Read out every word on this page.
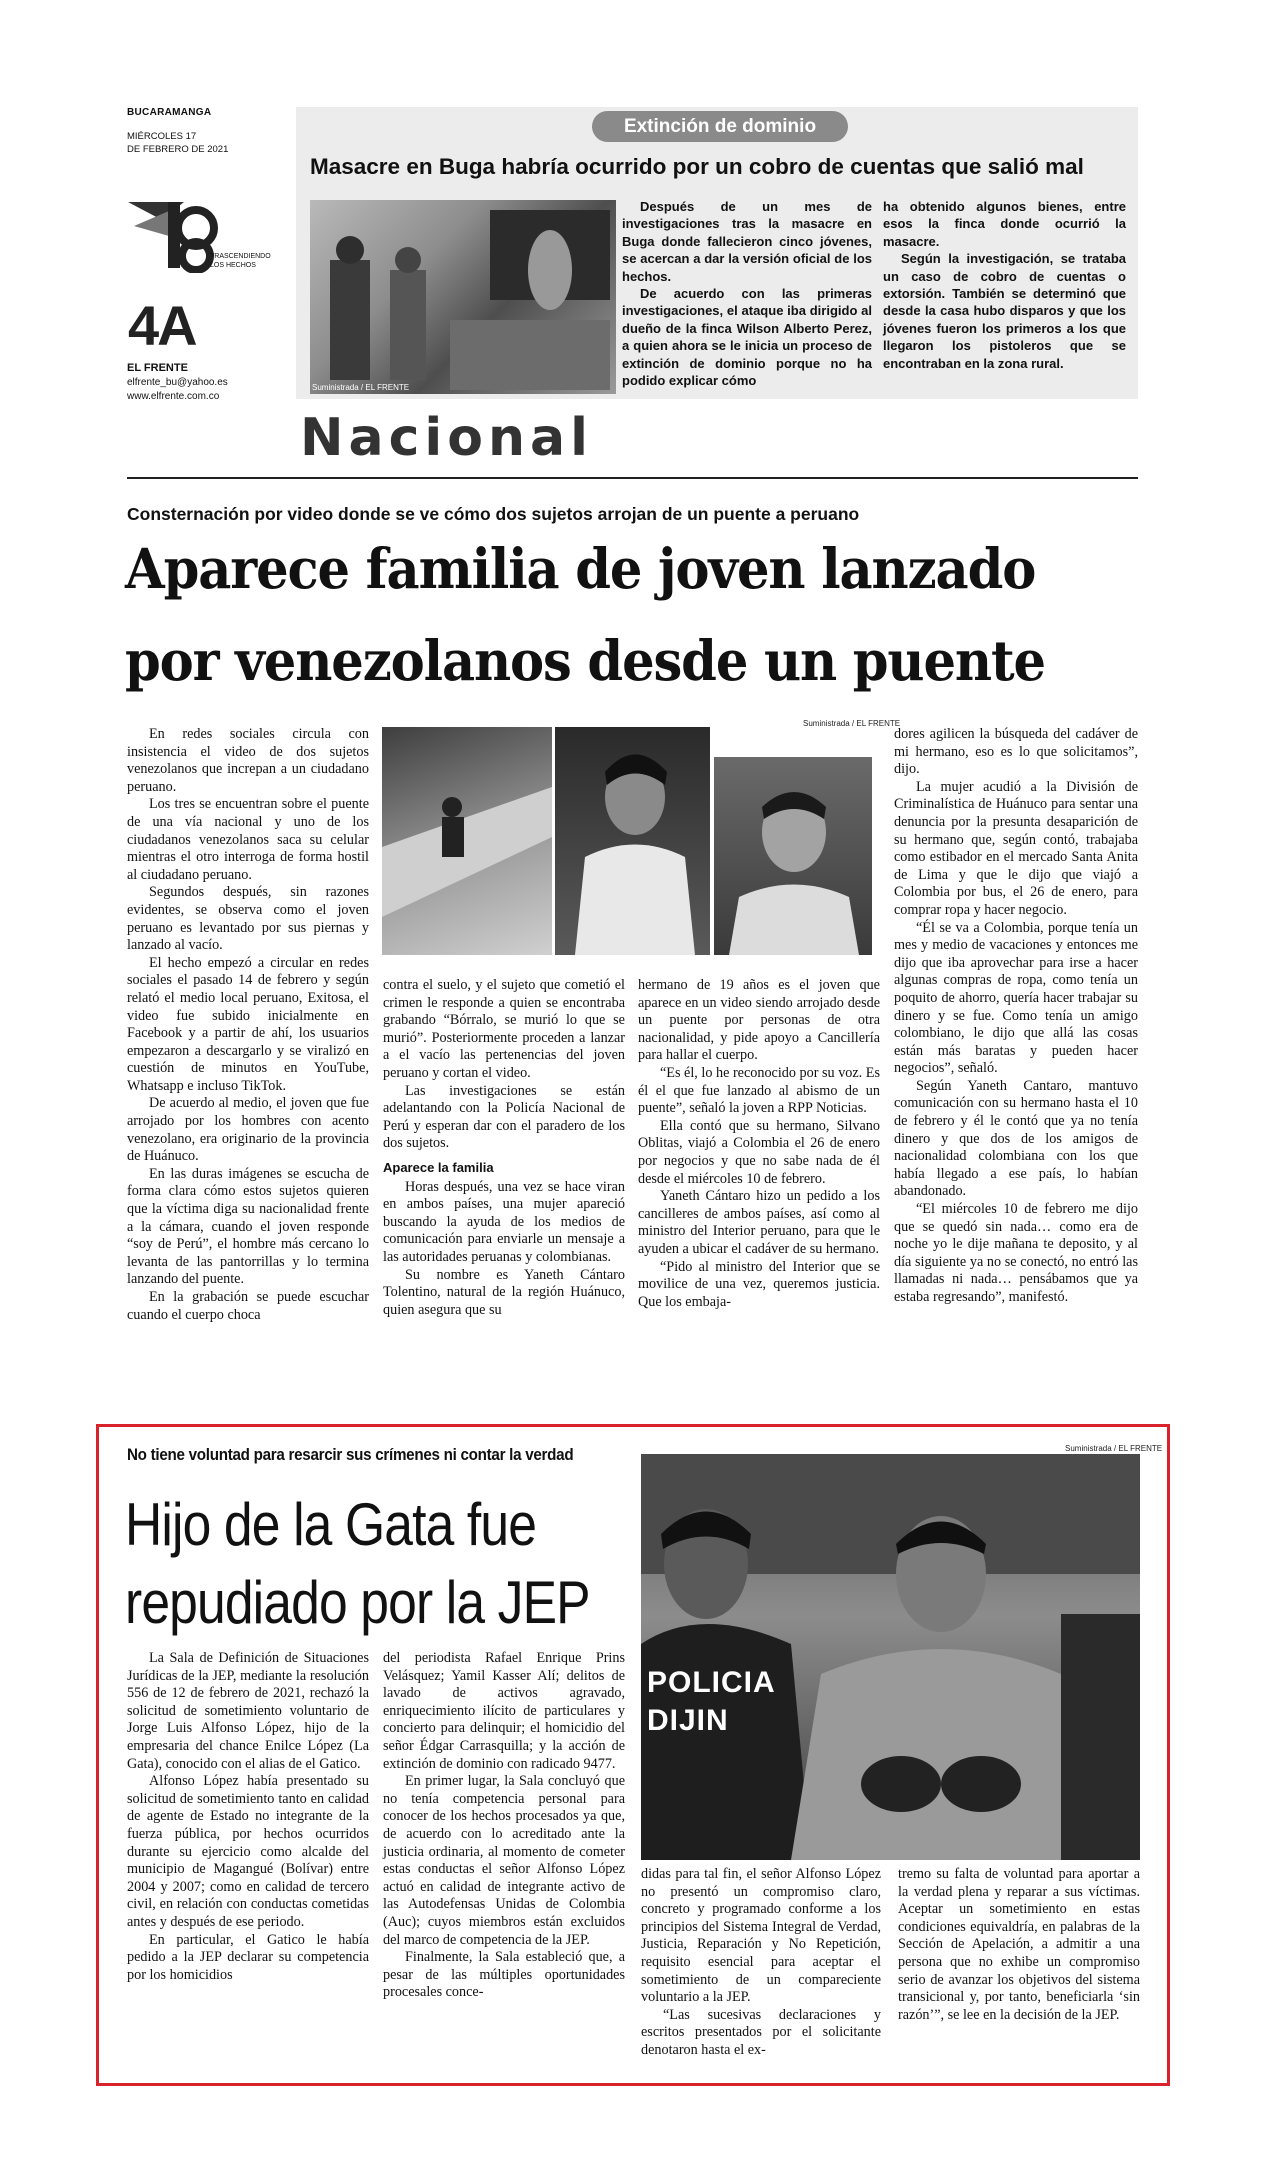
BUCARAMANGA
MIÉRCOLES 17
DE FEBRERO DE 2021
TRASCENDIENDO
LOS HECHOS
4A
EL FRENTE
elfrente_bu@yahoo.es
www.elfrente.com.co
Extinción de dominio
Masacre en Buga habría ocurrido por un cobro de cuentas que salió mal
Suministrada / EL FRENTE

Después de un mes de investigaciones tras la masacre en Buga donde fallecieron cinco jóvenes, se acercan a dar la versión oficial de los hechos.

De acuerdo con las primeras investigaciones, el ataque iba dirigido al dueño de la finca Wilson Alberto Perez, a quien ahora se le inicia un proceso de extinción de dominio porque no ha podido explicar cómo

ha obtenido algunos bienes, entre esos la finca donde ocurrió la masacre.

Según la investigación, se trataba un caso de cobro de cuentas o extorsión. También se determinó que desde la casa hubo disparos y que los jóvenes fueron los primeros a los que llegaron los pistoleros que se encontraban en la zona rural.

Nacional
Consternación por video donde se ve cómo dos sujetos arrojan de un puente a peruano
Aparece familia de joven lanzado
por venezolanos desde un puente
Suministrada / EL FRENTE

En redes sociales circula con insistencia el video de dos sujetos venezolanos que increpan a un ciudadano peruano.

Los tres se encuentran sobre el puente de una vía nacional y uno de los ciudadanos venezolanos saca su celular mientras el otro interroga de forma hostil al ciudadano peruano.

Segundos después, sin razones evidentes, se observa como el joven peruano es levantado por sus piernas y lanzado al vacío.

El hecho empezó a circular en redes sociales el pasado 14 de febrero y según relató el medio local peruano, Exitosa, el video fue subido inicialmente en Facebook y a partir de ahí, los usuarios empezaron a descargarlo y se viralizó en cuestión de minutos en YouTube, Whatsapp e incluso TikTok.

De acuerdo al medio, el joven que fue arrojado por los hombres con acento venezolano, era originario de la provincia de Huánuco.

En las duras imágenes se escucha de forma clara cómo estos sujetos quieren que la víctima diga su nacionalidad frente a la cámara, cuando el joven responde “soy de Perú”, el hombre más cercano lo levanta de las pantorrillas y lo termina lanzando del puente.

En la grabación se puede escuchar cuando el cuerpo choca

contra el suelo, y el sujeto que cometió el crimen le responde a quien se encontraba grabando “Bórralo, se murió lo que se murió”. Posteriormente proceden a lanzar a el vacío las pertenencias del joven peruano y cortan el video.

Las investigaciones se están adelantando con la Policía Nacional de Perú y esperan dar con el paradero de los dos sujetos.

Aparece la familia

Horas después, una vez se hace viran en ambos países, una mujer apareció buscando la ayuda de los medios de comunicación para enviarle un mensaje a las autoridades peruanas y colombianas.

Su nombre es Yaneth Cántaro Tolentino, natural de la región Huánuco, quien asegura que su

hermano de 19 años es el joven que aparece en un video siendo arrojado desde un puente por personas de otra nacionalidad, y pide apoyo a Cancillería para hallar el cuerpo.

“Es él, lo he reconocido por su voz. Es él el que fue lanzado al abismo de un puente”, señaló la joven a RPP Noticias.

Ella contó que su hermano, Silvano Oblitas, viajó a Colombia el 26 de enero por negocios y que no sabe nada de él desde el miércoles 10 de febrero.

Yaneth Cántaro hizo un pedido a los cancilleres de ambos países, así como al ministro del Interior peruano, para que le ayuden a ubicar el cadáver de su hermano.

“Pido al ministro del Interior que se movilice de una vez, queremos justicia. Que los embaja-

dores agilicen la búsqueda del cadáver de mi hermano, eso es lo que solicitamos”, dijo.

La mujer acudió a la División de Criminalística de Huánuco para sentar una denuncia por la presunta desaparición de su hermano que, según contó, trabajaba como estibador en el mercado Santa Anita de Lima y que le dijo que viajó a Colombia por bus, el 26 de enero, para comprar ropa y hacer negocio.

“Él se va a Colombia, porque tenía un mes y medio de vacaciones y entonces me dijo que iba aprovechar para irse a hacer algunas compras de ropa, como tenía un poquito de ahorro, quería hacer trabajar su dinero y se fue. Como tenía un amigo colombiano, le dijo que allá las cosas están más baratas y pueden hacer negocios”, señaló.

Según Yaneth Cantaro, mantuvo comunicación con su hermano hasta el 10 de febrero y él le contó que ya no tenía dinero y que dos de los amigos de nacionalidad colombiana con los que había llegado a ese país, lo habían abandonado.

“El miércoles 10 de febrero me dijo que se quedó sin nada… como era de noche yo le dije mañana te deposito, y al día siguiente ya no se conectó, no entró las llamadas ni nada… pensábamos que ya estaba regresando”, manifestó.

No tiene voluntad para resarcir sus crímenes ni contar la verdad
Hijo de la Gata fue
repudiado por la JEP
Suministrada / EL FRENTE
POLICIA
DIJIN

La Sala de Definición de Situaciones Jurídicas de la JEP, mediante la resolución 556 de 12 de febrero de 2021, rechazó la solicitud de sometimiento voluntario de Jorge Luis Alfonso López, hijo de la empresaria del chance Enilce López (La Gata), conocido con el alias de el Gatico.

Alfonso López había presentado su solicitud de sometimiento tanto en calidad de agente de Estado no integrante de la fuerza pública, por hechos ocurridos durante su ejercicio como alcalde del municipio de Magangué (Bolívar) entre 2004 y 2007; como en calidad de tercero civil, en relación con conductas cometidas antes y después de ese periodo.

En particular, el Gatico le había pedido a la JEP declarar su competencia por los homicidios

del periodista Rafael Enrique Prins Velásquez; Yamil Kasser Alí; delitos de lavado de activos agravado, enriquecimiento ilícito de particulares y concierto para delinquir; el homicidio del señor Édgar Carrasquilla; y la acción de extinción de dominio con radicado 9477.

En primer lugar, la Sala concluyó que no tenía competencia personal para conocer de los hechos procesados ya que, de acuerdo con lo acreditado ante la justicia ordinaria, al momento de cometer estas conductas el señor Alfonso López actuó en calidad de integrante activo de las Autodefensas Unidas de Colombia (Auc); cuyos miembros están excluidos del marco de competencia de la JEP.

Finalmente, la Sala estableció que, a pesar de las múltiples oportunidades procesales conce-

didas para tal fin, el señor Alfonso López no presentó un compromiso claro, concreto y programado conforme a los principios del Sistema Integral de Verdad, Justicia, Reparación y No Repetición, requisito esencial para aceptar el sometimiento de un compareciente voluntario a la JEP.

“Las sucesivas declaraciones y escritos presentados por el solicitante denotaron hasta el ex-

tremo su falta de voluntad para aportar a la verdad plena y reparar a sus víctimas. Aceptar un sometimiento en estas condiciones equivaldría, en palabras de la Sección de Apelación, a admitir a una persona que no exhibe un compromiso serio de avanzar los objetivos del sistema transicional y, por tanto, beneficiarla ‘sin razón’”, se lee en la decisión de la JEP.
